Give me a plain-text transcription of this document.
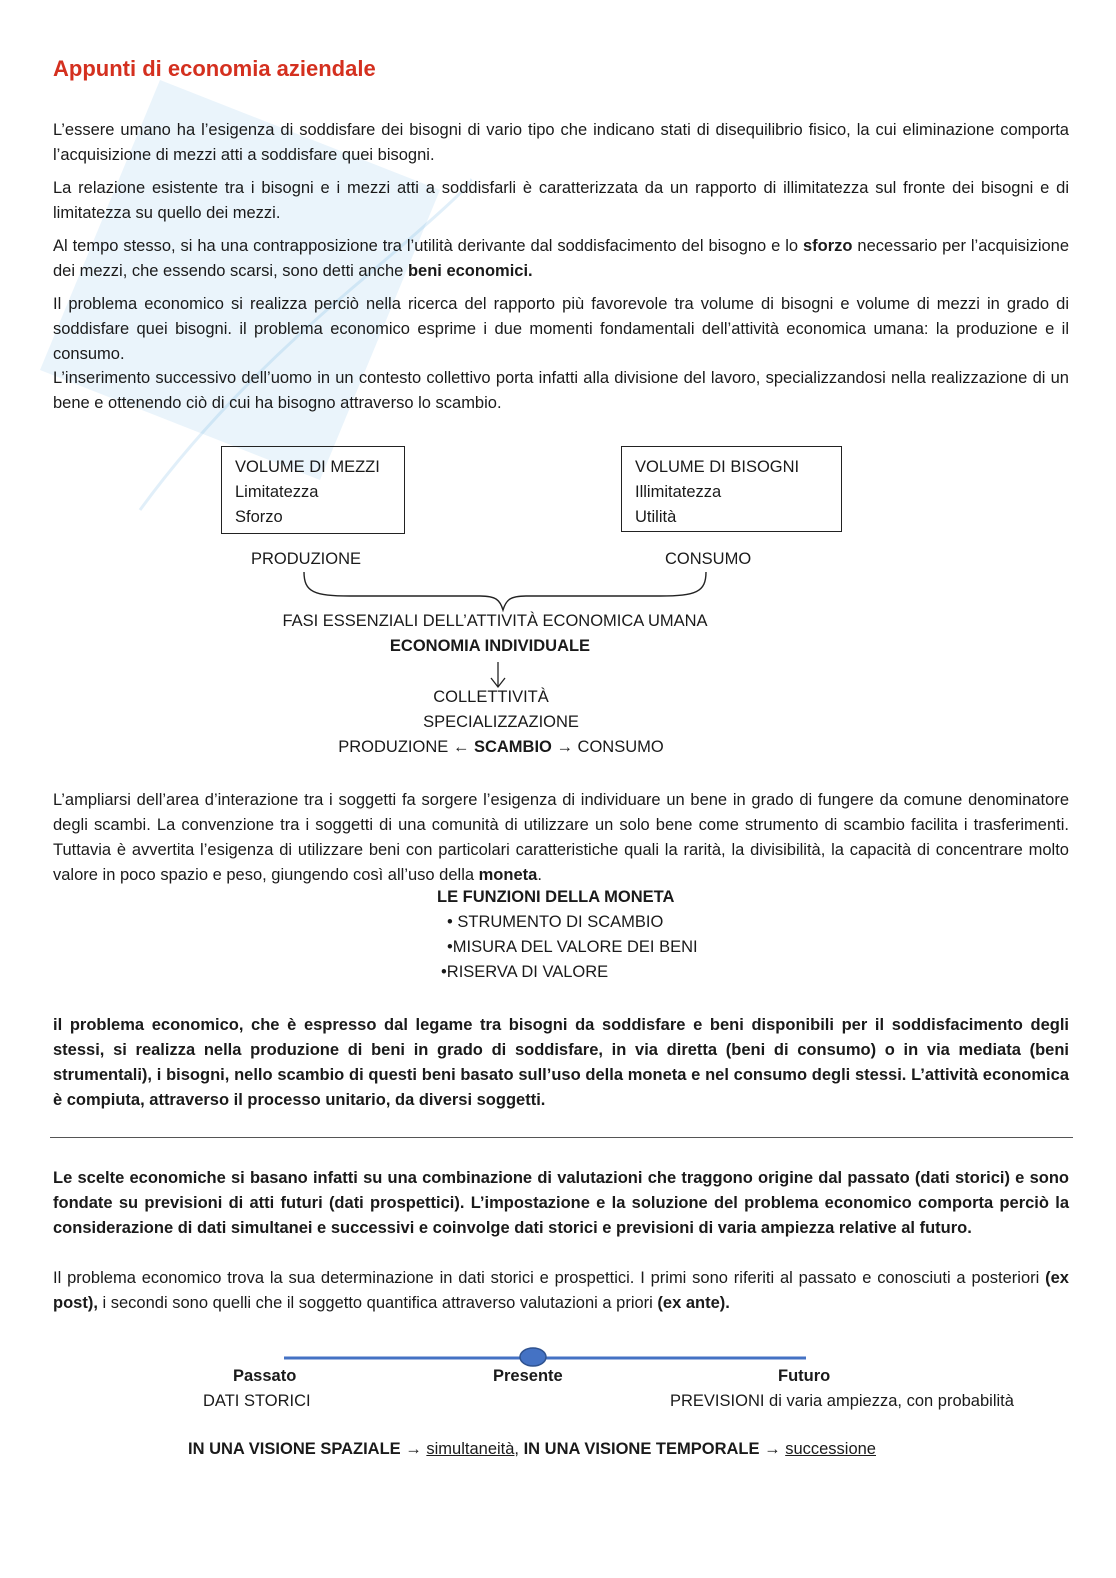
Appunti di economia aziendale

L’essere umano ha l’esigenza di soddisfare dei bisogni di vario tipo che indicano stati di disequilibrio fisico, la cui eliminazione comporta l’acquisizione di mezzi atti a soddisfare quei bisogni.

La relazione esistente tra i bisogni e i mezzi atti a soddisfarli è caratterizzata da un rapporto di illimitatezza sul fronte dei bisogni e di limitatezza su quello dei mezzi.

Al tempo stesso, si ha una contrapposizione tra l’utilità derivante dal soddisfacimento del bisogno e lo sforzo necessario per l’acquisizione dei mezzi, che essendo scarsi, sono detti anche beni economici.

Il problema economico si realizza perciò nella ricerca del rapporto più favorevole tra volume di bisogni e volume di mezzi in grado di soddisfare quei bisogni. il problema economico esprime i due momenti fondamentali dell’attività economica umana: la produzione e il consumo.

L’inserimento successivo dell’uomo in un contesto collettivo porta infatti alla divisione del lavoro, specializzandosi nella realizzazione di un bene e ottenendo ciò di cui ha bisogno attraverso lo scambio.

VOLUME DI MEZZI
Limitatezza
Sforzo
VOLUME DI BISOGNI
Illimitatezza
Utilità
PRODUZIONE	CONSUMO
FASI ESSENZIALI DELL’ATTIVITÀ ECONOMICA UMANA
ECONOMIA INDIVIDUALE
COLLETTIVITÀ
SPECIALIZZAZIONE
PRODUZIONE ← SCAMBIO → CONSUMO

L’ampliarsi dell’area d’interazione tra i soggetti fa sorgere l’esigenza di individuare un bene in grado di fungere da comune denominatore degli scambi. La convenzione tra i soggetti di una comunità di utilizzare un solo bene come strumento di scambio facilita i trasferimenti. Tuttavia è avvertita l’esigenza di utilizzare beni con particolari caratteristiche quali la rarità, la divisibilità, la capacità di concentrare molto valore in poco spazio e peso, giungendo così all’uso della moneta.

LE FUNZIONI DELLA MONETA
• STRUMENTO DI SCAMBIO
•MISURA DEL VALORE DEI BENI
•RISERVA DI VALORE

il problema economico, che è espresso dal legame tra bisogni da soddisfare e beni disponibili per il soddisfacimento degli stessi, si realizza nella produzione di beni in grado di soddisfare, in via diretta (beni di consumo) o in via mediata (beni strumentali), i bisogni, nello scambio di questi beni basato sull’uso della moneta e nel consumo degli stessi. L’attività economica è compiuta, attraverso il processo unitario, da diversi soggetti.

Le scelte economiche si basano infatti su una combinazione di valutazioni che traggono origine dal passato (dati storici) e sono fondate su previsioni di atti futuri (dati prospettici). L’impostazione e la soluzione del problema economico comporta perciò la considerazione di dati simultanei e successivi e coinvolge dati storici e previsioni di varia ampiezza relative al futuro.

Il problema economico trova la sua determinazione in dati storici e prospettici. I primi sono riferiti al passato e conosciuti a posteriori (ex post), i secondi sono quelli che il soggetto quantifica attraverso valutazioni a priori (ex ante).

Passato
DATI STORICI
Presente	Futuro
PREVISIONI di varia ampiezza, con probabilità
IN UNA VISIONE SPAZIALE → simultaneità, IN UNA VISIONE TEMPORALE → successione
